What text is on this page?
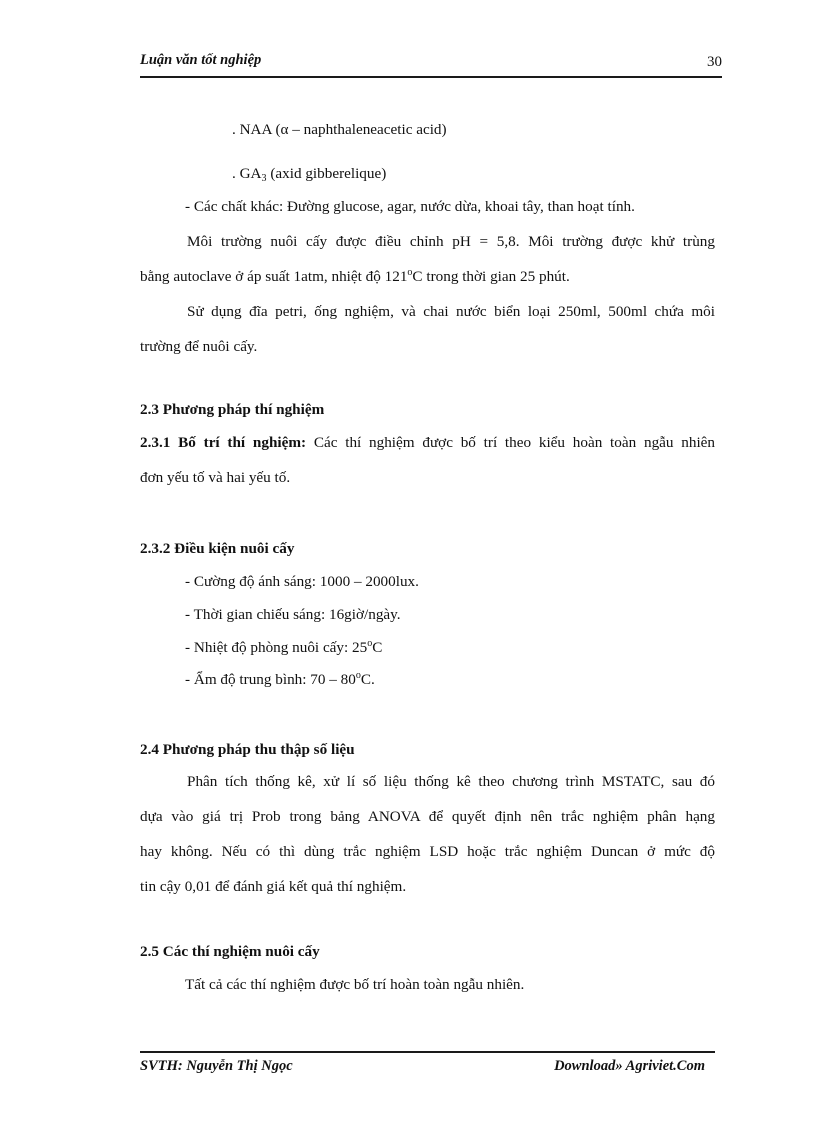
Luận văn tốt nghiệp	30
. NAA (α – naphthaleneacetic acid)
. $GA_3$ (axid gibberelique)
- Các chất khác: Đường glucose, agar, nước dừa, khoai tây, than hoạt tính.
Môi trường nuôi cấy được điều chỉnh pH = 5,8. Môi trường được khử trùng
bằng autoclave ở áp suất 1atm, nhiệt độ 121$^o$C trong thời gian 25 phút.
Sử dụng đĩa petri, ống nghiệm, và chai nước biển loại 250ml, 500ml chứa môi
trường để nuôi cấy.
2.3 Phương pháp thí nghiệm
2.3.1 Bố trí thí nghiệm: Các thí nghiệm được bố trí theo kiểu hoàn toàn ngẫu nhiên
đơn yếu tố và hai yếu tố.
2.3.2 Điều kiện nuôi cấy
- Cường độ ánh sáng: 1000 – 2000lux.
- Thời gian chiếu sáng: 16giờ/ngày.
- Nhiệt độ phòng nuôi cấy: 25$^o$C
- Ẩm độ trung bình: 70 – 80$^o$C.
2.4 Phương pháp thu thập số liệu
Phân tích thống kê, xử lí số liệu thống kê theo chương trình MSTATC, sau đó
dựa vào giá trị Prob trong bảng ANOVA để quyết định nên trắc nghiệm phân hạng
hay không. Nếu có thì dùng trắc nghiệm LSD hoặc trắc nghiệm Duncan ở mức độ
tin cậy 0,01 để đánh giá kết quả thí nghiệm.
2.5 Các thí nghiệm nuôi cấy
Tất cả các thí nghiệm được bố trí hoàn toàn ngẫu nhiên.
SVTH: Nguyễn Thị Ngọc	Download» Agriviet.Com
